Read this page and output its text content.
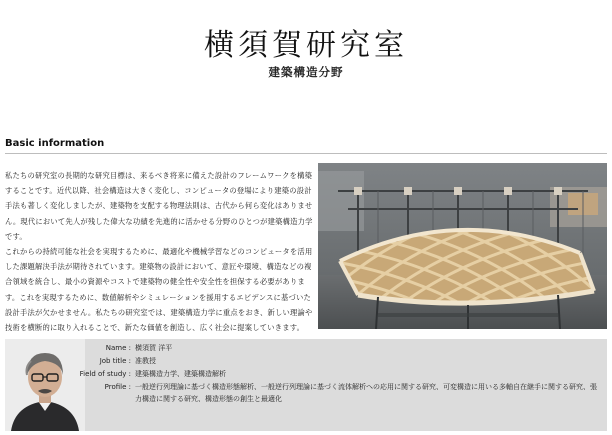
横須賀研究室
建築構造分野
Basic information

私たちの研究室の長期的な研究目標は、来るべき将来に備えた設計のフレームワークを構築することです。近代以降、社会構造は大きく変化し、コンピュータの登場により建築の設計手法も著しく変化しましたが、建築物を支配する物理法則は、古代から何ら変化はありません。現代において先人が残した偉大な功績を先進的に活かせる分野のひとつが建築構造力学です。

これからの持続可能な社会を実現するために、最適化や機械学習などのコンピュータを活用した課題解決手法が期待されています。建築物の設計において、意匠や環境、構造などの複合領域を統合し、最小の資源やコストで建築物の健全性や安全性を担保する必要があります。これを実現するために、数値解析やシミュレーションを援用するエビデンスに基づいた設計手法が欠かせません。私たちの研究室では、建築構造力学に重点をおき、新しい理論や技術を横断的に取り入れることで、新たな価値を創造し、広く社会に提案していきます。

Name : 横須賀 洋平
Job title : 准教授
Field of study : 建築構造力学、建築構造解析
Profile : 一般逆行列理論に基づく構造形態解析、一般逆行列理論に基づく流体解析への応用に関する研究、可変構造に用いる多軸自在継手に関する研究、張力構造に関する研究、構造形態の創生と最適化
